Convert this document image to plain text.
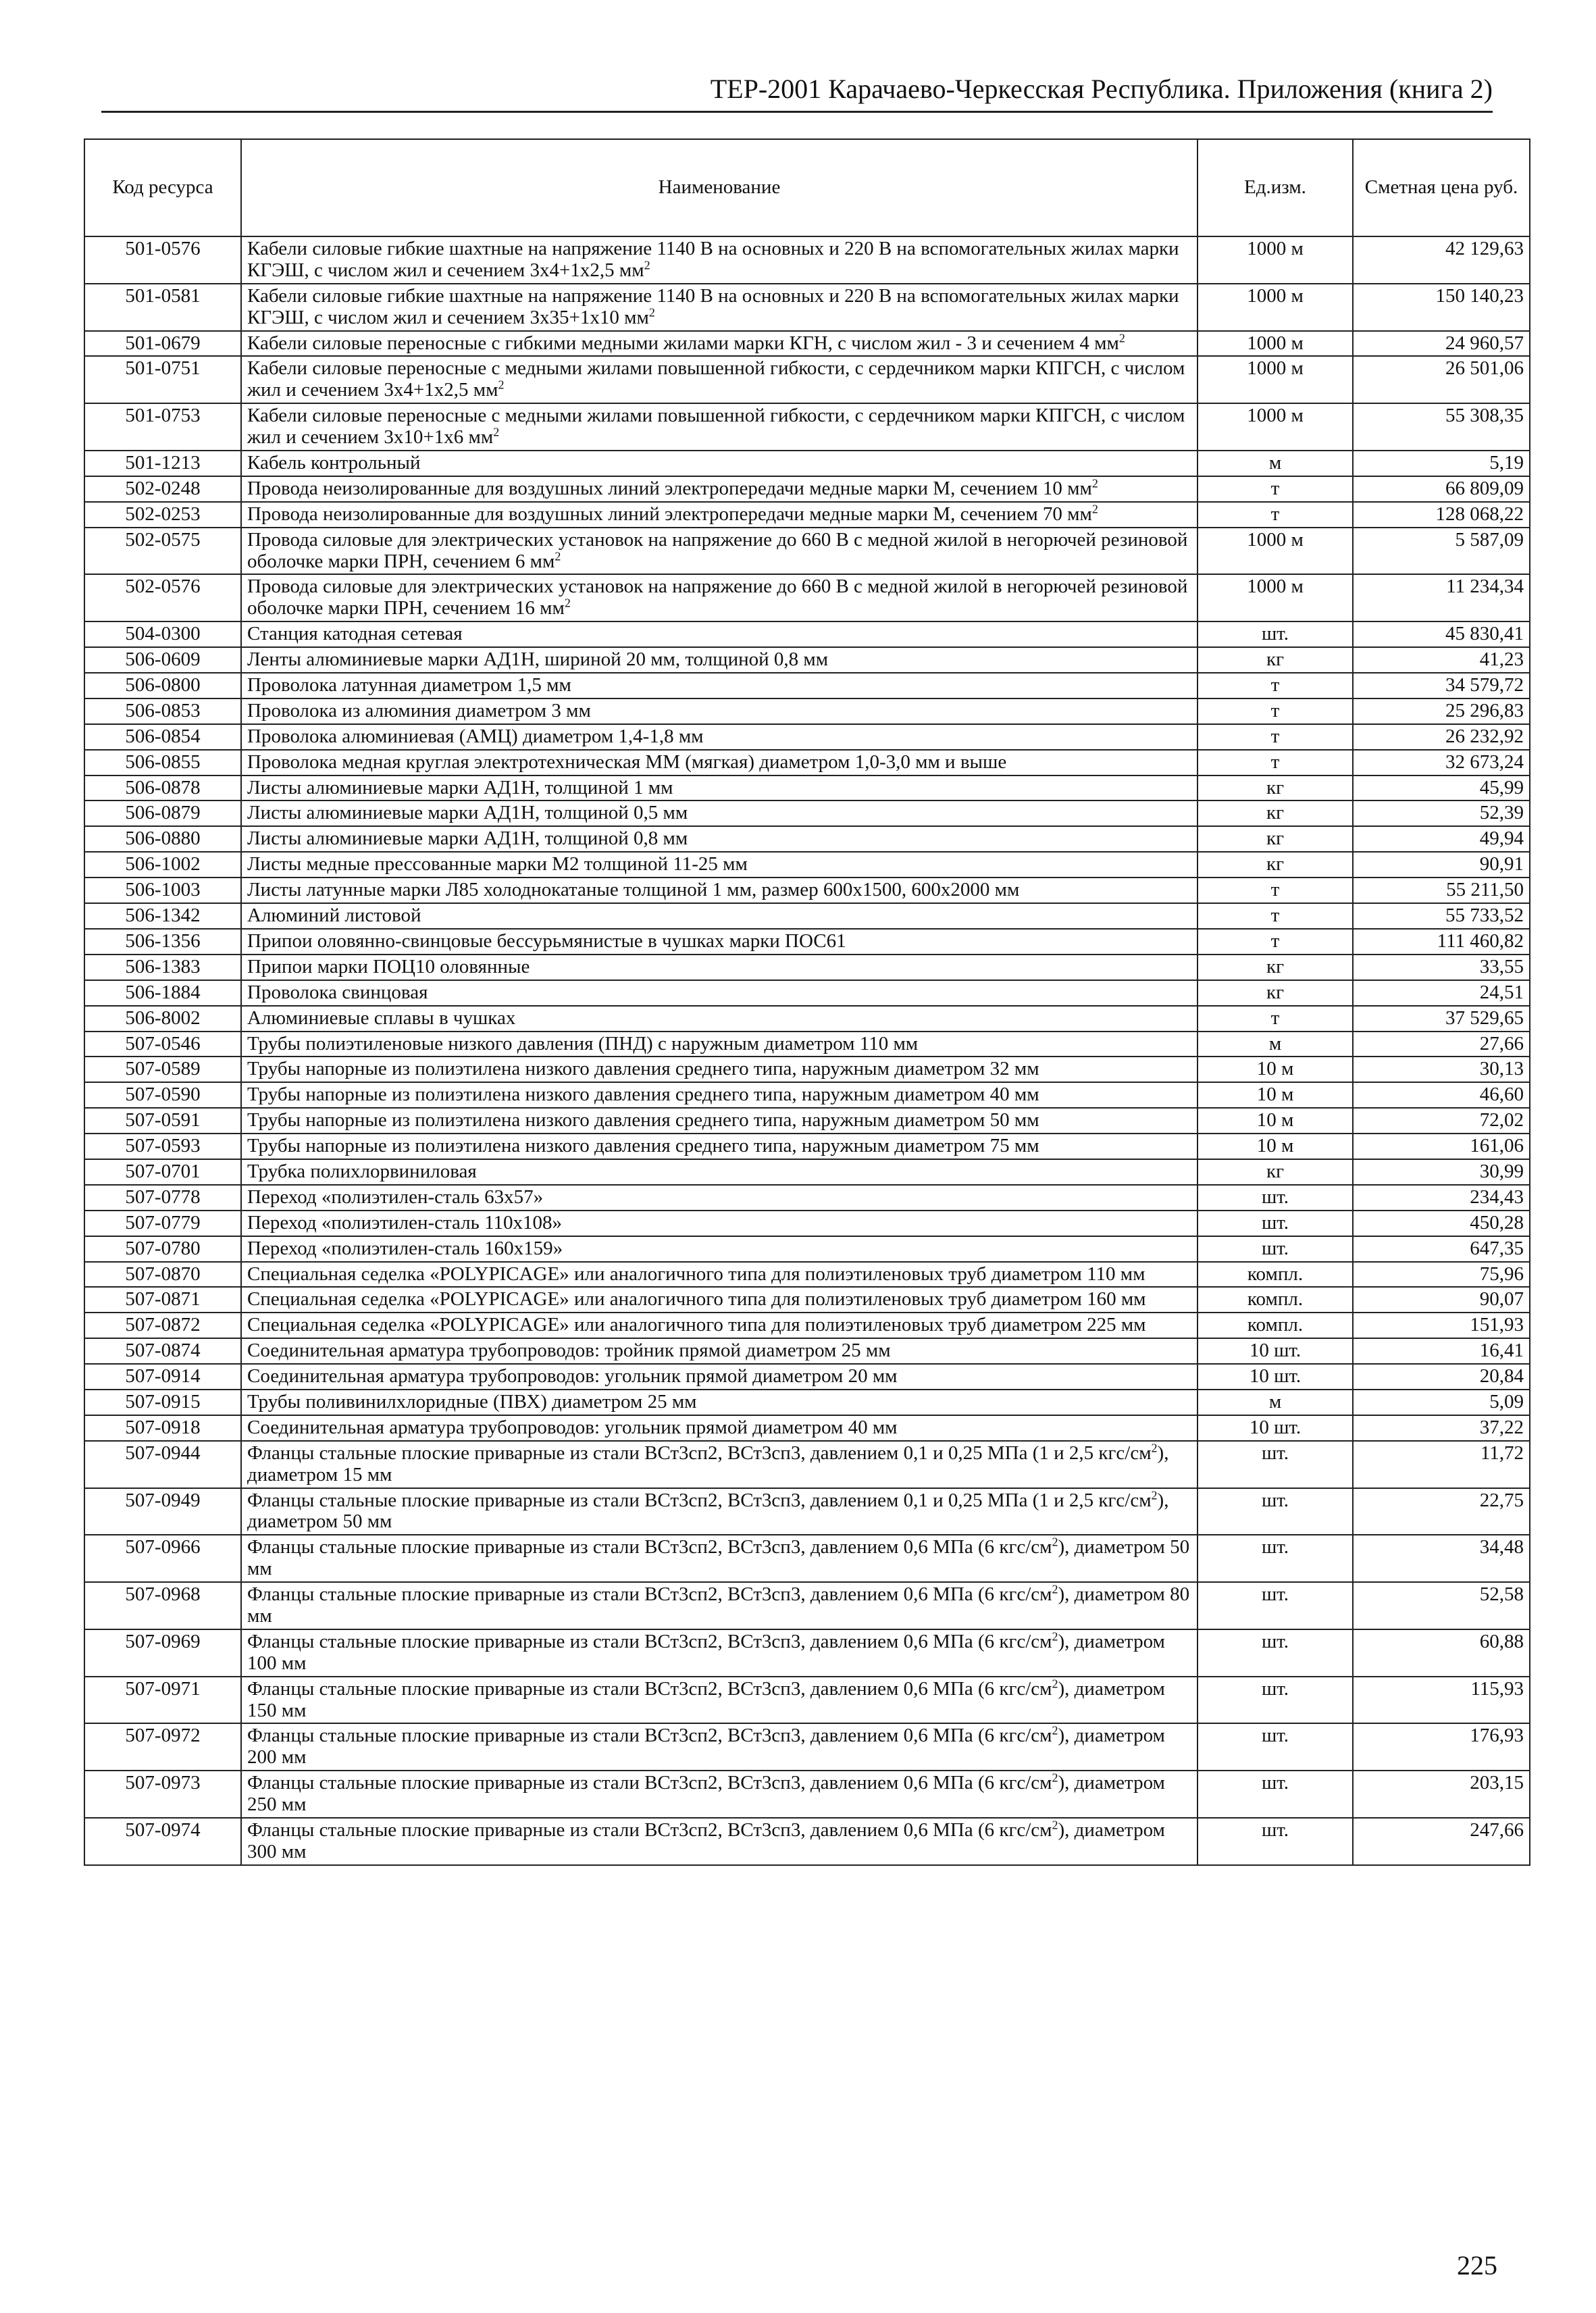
ТЕР-2001 Карачаево-Черкесская Республика. Приложения (книга 2)
Код ресурса	Наименование	Ед.изм.	Сметная цена руб.
501-0576	Кабели силовые гибкие шахтные на напряжение 1140 В на основных и 220 В на вспомогательных жилах марки КГЭШ, с числом жил и сечением 3x4+1x2,5 $мм^2$	1000 м	42 129,63
501-0581	Кабели силовые гибкие шахтные на напряжение 1140 В на основных и 220 В на вспомогательных жилах марки КГЭШ, с числом жил и сечением 3x35+1x10 $мм^2$	1000 м	150 140,23
501-0679	Кабели силовые переносные с гибкими медными жилами марки КГН, с числом жил - 3 и сечением 4 $мм^2$	1000 м	24 960,57
501-0751	Кабели силовые переносные с медными жилами повышенной гибкости, с сердечником марки КПГСН, с числом жил и сечением 3x4+1x2,5 $мм^2$	1000 м	26 501,06
501-0753	Кабели силовые переносные с медными жилами повышенной гибкости, с сердечником марки КПГСН, с числом жил и сечением 3x10+1x6 $мм^2$	1000 м	55 308,35
501-1213	Кабель контрольный	м	5,19
502-0248	Провода неизолированные для воздушных линий электропередачи медные марки М, сечением 10 $мм^2$	т	66 809,09
502-0253	Провода неизолированные для воздушных линий электропередачи медные марки М, сечением 70 $мм^2$	т	128 068,22
502-0575	Провода силовые для электрических установок на напряжение до 660 В с медной жилой в негорючей резиновой оболочке марки ПРН, сечением 6 $мм^2$	1000 м	5 587,09
502-0576	Провода силовые для электрических установок на напряжение до 660 В с медной жилой в негорючей резиновой оболочке марки ПРН, сечением 16 $мм^2$	1000 м	11 234,34
504-0300	Станция катодная сетевая	шт.	45 830,41
506-0609	Ленты алюминиевые марки АД1Н, шириной 20 мм, толщиной 0,8 мм	кг	41,23
506-0800	Проволока латунная диаметром 1,5 мм	т	34 579,72
506-0853	Проволока из алюминия диаметром 3 мм	т	25 296,83
506-0854	Проволока алюминиевая (АМЦ) диаметром 1,4-1,8 мм	т	26 232,92
506-0855	Проволока медная круглая электротехническая ММ (мягкая) диаметром 1,0-3,0 мм и выше	т	32 673,24
506-0878	Листы алюминиевые марки АД1Н, толщиной 1 мм	кг	45,99
506-0879	Листы алюминиевые марки АД1Н, толщиной 0,5 мм	кг	52,39
506-0880	Листы алюминиевые марки АД1Н, толщиной 0,8 мм	кг	49,94
506-1002	Листы медные прессованные марки М2 толщиной 11-25 мм	кг	90,91
506-1003	Листы латунные марки Л85 холоднокатаные толщиной 1 мм, размер 600x1500, 600x2000 мм	т	55 211,50
506-1342	Алюминий листовой	т	55 733,52
506-1356	Припои оловянно-свинцовые бессурьмянистые в чушках марки ПОС61	т	111 460,82
506-1383	Припои марки ПОЦ10 оловянные	кг	33,55
506-1884	Проволока свинцовая	кг	24,51
506-8002	Алюминиевые сплавы в чушках	т	37 529,65
507-0546	Трубы полиэтиленовые низкого давления (ПНД) с наружным диаметром 110 мм	м	27,66
507-0589	Трубы напорные из полиэтилена низкого давления среднего типа, наружным диаметром 32 мм	10 м	30,13
507-0590	Трубы напорные из полиэтилена низкого давления среднего типа, наружным диаметром 40 мм	10 м	46,60
507-0591	Трубы напорные из полиэтилена низкого давления среднего типа, наружным диаметром 50 мм	10 м	72,02
507-0593	Трубы напорные из полиэтилена низкого давления среднего типа, наружным диаметром 75 мм	10 м	161,06
507-0701	Трубка полихлорвиниловая	кг	30,99
507-0778	Переход «полиэтилен-сталь 63x57»	шт.	234,43
507-0779	Переход «полиэтилен-сталь 110x108»	шт.	450,28
507-0780	Переход «полиэтилен-сталь 160x159»	шт.	647,35
507-0870	Специальная седелка «POLYPICAGE» или аналогичного типа для полиэтиленовых труб диаметром 110 мм	компл.	75,96
507-0871	Специальная седелка «POLYPICAGE» или аналогичного типа для полиэтиленовых труб диаметром 160 мм	компл.	90,07
507-0872	Специальная седелка «POLYPICAGE» или аналогичного типа для полиэтиленовых труб диаметром 225 мм	компл.	151,93
507-0874	Соединительная арматура трубопроводов: тройник прямой диаметром 25 мм	10 шт.	16,41
507-0914	Соединительная арматура трубопроводов: угольник прямой диаметром 20 мм	10 шт.	20,84
507-0915	Трубы поливинилхлоридные (ПВХ) диаметром 25 мм	м	5,09
507-0918	Соединительная арматура трубопроводов: угольник прямой диаметром 40 мм	10 шт.	37,22
507-0944	Фланцы стальные плоские приварные из стали ВСт3сп2, ВСт3сп3, давлением 0,1 и 0,25 МПа (1 и 2,5 кгс/$см^2$), диаметром 15 мм	шт.	11,72
507-0949	Фланцы стальные плоские приварные из стали ВСт3сп2, ВСт3сп3, давлением 0,1 и 0,25 МПа (1 и 2,5 кгс/$см^2$), диаметром 50 мм	шт.	22,75
507-0966	Фланцы стальные плоские приварные из стали ВСт3сп2, ВСт3сп3, давлением 0,6 МПа (6 кгс/$см^2$), диаметром 50 мм	шт.	34,48
507-0968	Фланцы стальные плоские приварные из стали ВСт3сп2, ВСт3сп3, давлением 0,6 МПа (6 кгс/$см^2$), диаметром 80 мм	шт.	52,58
507-0969	Фланцы стальные плоские приварные из стали ВСт3сп2, ВСт3сп3, давлением 0,6 МПа (6 кгс/$см^2$), диаметром 100 мм	шт.	60,88
507-0971	Фланцы стальные плоские приварные из стали ВСт3сп2, ВСт3сп3, давлением 0,6 МПа (6 кгс/$см^2$), диаметром 150 мм	шт.	115,93
507-0972	Фланцы стальные плоские приварные из стали ВСт3сп2, ВСт3сп3, давлением 0,6 МПа (6 кгс/$см^2$), диаметром 200 мм	шт.	176,93
507-0973	Фланцы стальные плоские приварные из стали ВСт3сп2, ВСт3сп3, давлением 0,6 МПа (6 кгс/$см^2$), диаметром 250 мм	шт.	203,15
507-0974	Фланцы стальные плоские приварные из стали ВСт3сп2, ВСт3сп3, давлением 0,6 МПа (6 кгс/$см^2$), диаметром 300 мм	шт.	247,66
225
